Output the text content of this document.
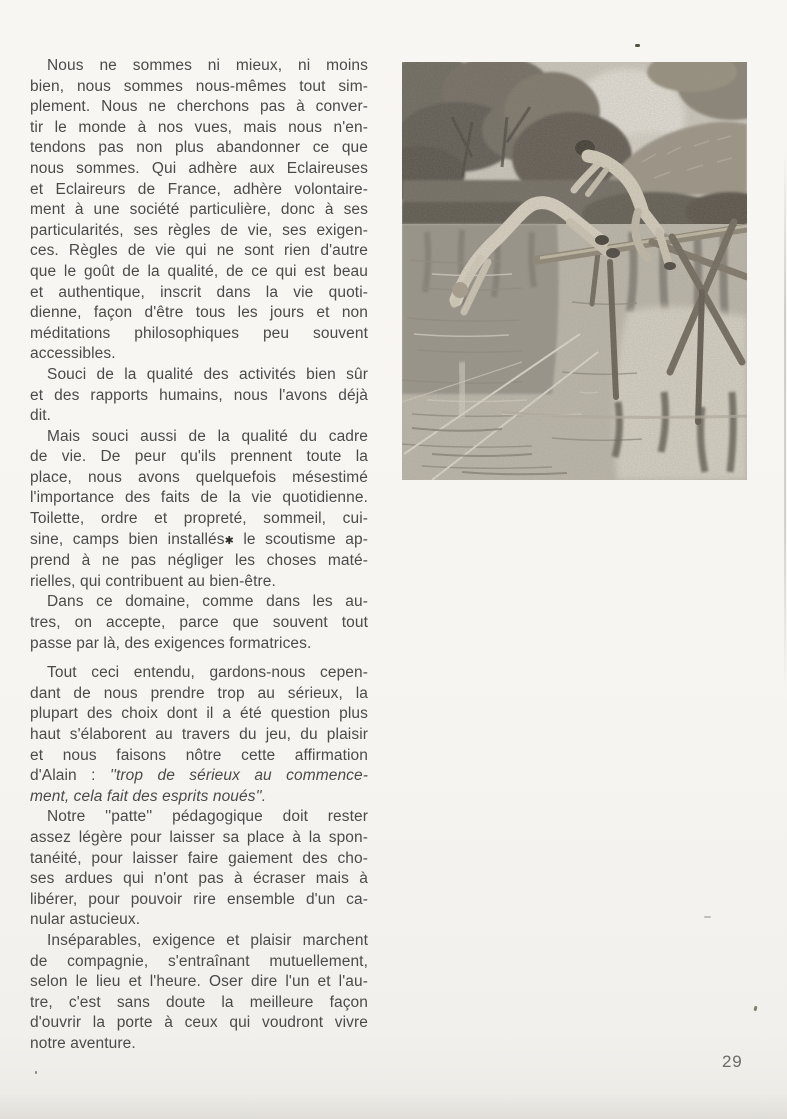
Nous ne sommes ni mieux, ni moins
bien, nous sommes nous-mêmes tout sim-
plement. Nous ne cherchons pas à conver-
tir le monde à nos vues, mais nous n'en-
tendons pas non plus abandonner ce que
nous sommes. Qui adhère aux Eclaireuses
et Eclaireurs de France, adhère volontaire-
ment à une société particulière, donc à ses
particularités, ses règles de vie, ses exigen-
ces. Règles de vie qui ne sont rien d'autre
que le goût de la qualité, de ce qui est beau
et authentique, inscrit dans la vie quoti-
dienne, façon d'être tous les jours et non
méditations philosophiques peu souvent
accessibles.

Souci de la qualité des activités bien sûr
et des rapports humains, nous l'avons déjà
dit.

Mais souci aussi de la qualité du cadre
de vie. De peur qu'ils prennent toute la
place, nous avons quelquefois mésestimé
l'importance des faits de la vie quotidienne.
Toilette, ordre et propreté, sommeil, cui-
sine, camps bien installés✱ le scoutisme ap-
prend à ne pas négliger les choses maté-
rielles, qui contribuent au bien-être.

Dans ce domaine, comme dans les au-
tres, on accepte, parce que souvent tout
passe par là, des exigences formatrices.

Tout ceci entendu, gardons-nous cepen-
dant de nous prendre trop au sérieux, la
plupart des choix dont il a été question plus
haut s'élaborent au travers du jeu, du plaisir
et nous faisons nôtre cette affirmation
d'Alain : ''trop de sérieux au commence-
ment, cela fait des esprits noués''.

Notre ''patte'' pédagogique doit rester
assez légère pour laisser sa place à la spon-
tanéité, pour laisser faire gaiement des cho-
ses ardues qui n'ont pas à écraser mais à
libérer, pour pouvoir rire ensemble d'un ca-
nular astucieux.

Inséparables, exigence et plaisir marchent
de compagnie, s'entraînant mutuellement,
selon le lieu et l'heure. Oser dire l'un et l'au-
tre, c'est sans doute la meilleure façon
d'ouvrir la porte à ceux qui voudront vivre
notre aventure.

29
